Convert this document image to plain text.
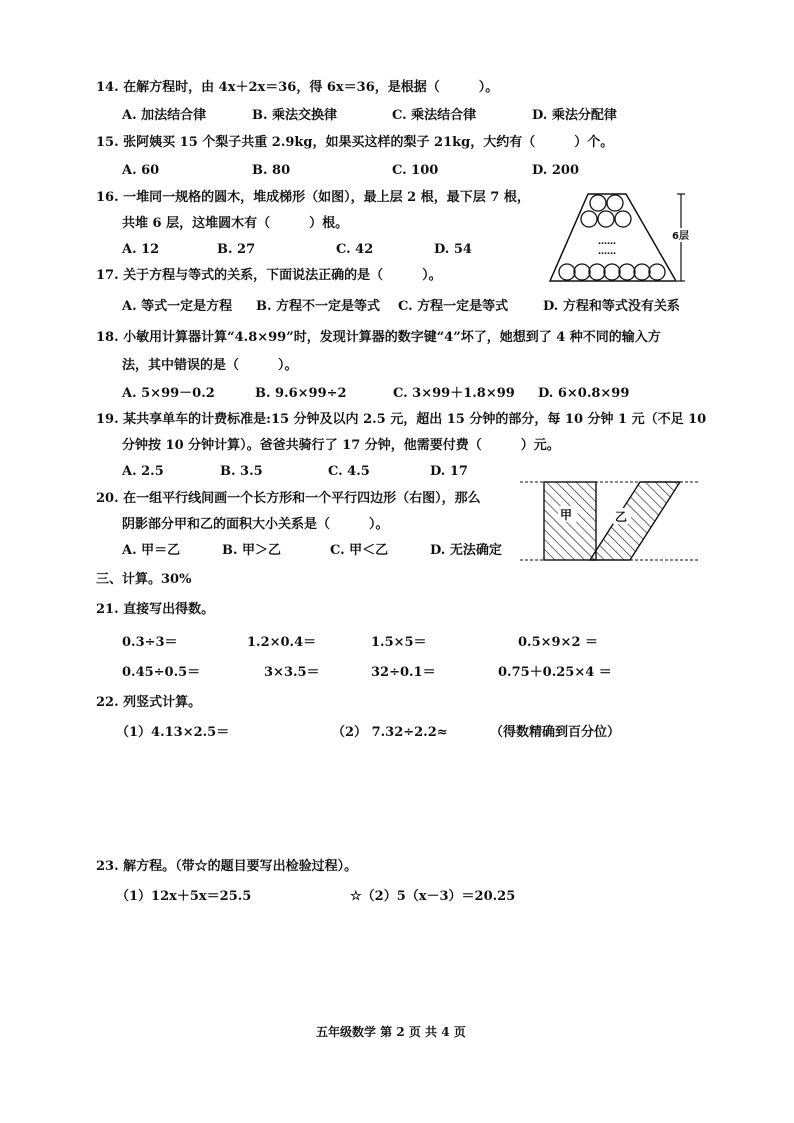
14. 在解方程时，由 4x＋2x＝36，得 6x＝36，是根据（　　　）。
A. 加法结合律	B. 乘法交换律	C. 乘法结合律	D. 乘法分配律
15. 张阿姨买 15 个梨子共重 2.9kg，如果买这样的梨子 21kg，大约有（　　　）个。
A. 60	B. 80	C. 100	D. 200
16. 一堆同一规格的圆木，堆成梯形（如图），最上层 2 根，最下层 7 根，
共堆 6 层，这堆圆木有（　　　）根。
A. 12	B. 27	C. 42	D. 54	……
……
6层
17. 关于方程与等式的关系，下面说法正确的是（　　　）。
A. 等式一定是方程 B. 方程不一定是等式 C. 方程一定是等式	D. 方程和等式没有关系
18. 小敏用计算器计算“4.8×99”时，发现计算器的数字键“4”坏了，她想到了 4 种不同的输入方
法，其中错误的是（　　　）。
A. 5×99－0.2	B. 9.6×99÷2	C. 3×99＋1.8×99 D. 6×0.8×99
19. 某共享单车的计费标准是:15 分钟及以内 2.5 元，超出 15 分钟的部分，每 10 分钟 1 元（不足 10
分钟按 10 分钟计算）。爸爸共骑行了 17 分钟，他需要付费（　　　）元。
A. 2.5	B. 3.5	C. 4.5	D. 17
20. 在一组平行线间画一个长方形和一个平行四边形（右图），那么
阴影部分甲和乙的面积大小关系是（　　　）。
A. 甲＝乙	B. 甲＞乙	C. 甲＜乙	D. 无法确定
甲	乙
三、计算。30%
21. 直接写出得数。
0.3÷3＝	1.2×0.4＝	1.5×5＝	0.5×9×2 ＝
0.45÷0.5＝	3×3.5＝	32÷0.1＝	0.75＋0.25×4 ＝
22. 列竖式计算。
（1）4.13×2.5＝	（2） 7.32÷2.2≈	（得数精确到百分位）
23. 解方程。（带☆的题目要写出检验过程）。
（1）12x＋5x＝25.5	☆（2）5（x－3）＝20.25
五年级数学 第 2 页 共 4 页
